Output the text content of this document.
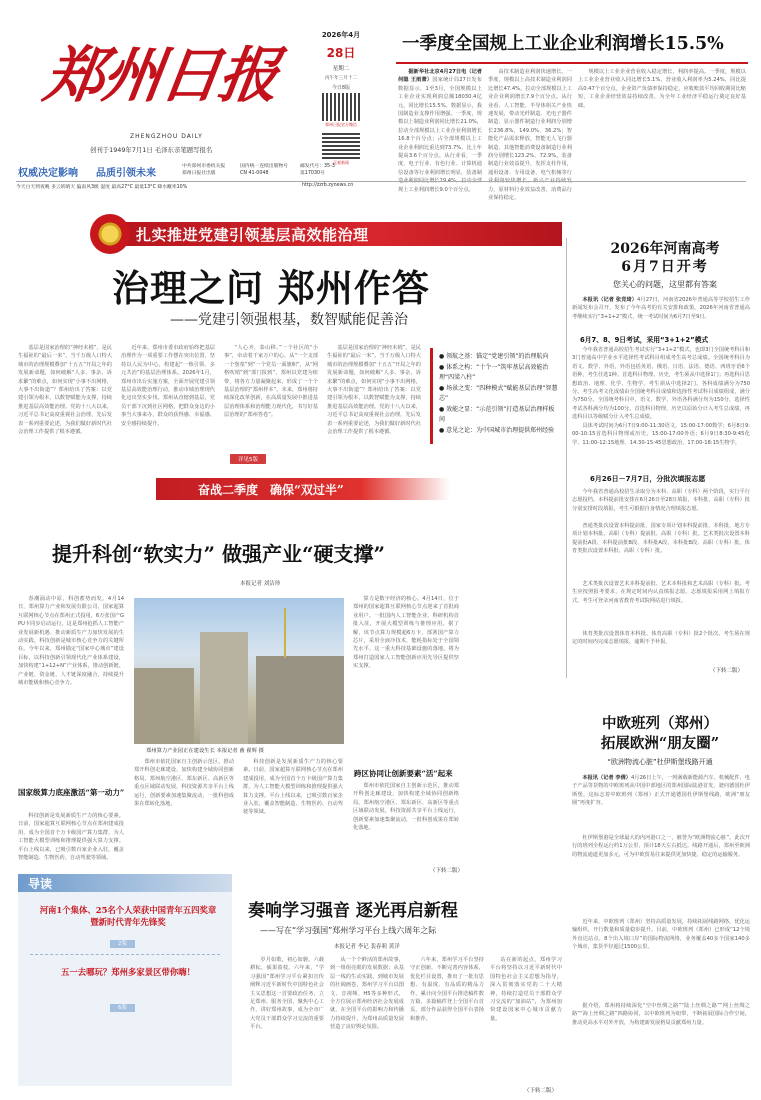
郑州日报
ZHENGZHOU DAILY
创刊于1949年7月1日 毛泽东亲笔题写报名
权威决定影响 品质引领未来
中共郑州市委机关报
郑州日报社出版
国内统一连续出版物号
CN 41-0048
邮发代号：35-3
第17030号
2026年4月
28日
星期二
丙午年三月十二
今日8版
郑州日报官方微信
正观新闻
一季度全国规上工业企业利润增长15.5%

据新华社北京4月27日电（记者 何隐 王雨萧）国家统计局27日发布数据显示，1至3月，全国规模以上工业企业实现利润总额18030.4亿元，同比增长15.5%。数据显示，我国制造业支撑作用增强。一季度，规模以上制造业利润同比增长21.0%，拉动全部规模以上工业企业利润增长16.8个百分点；占全部规模以上工业企业利润比重达到73.7%，比上年提高3.6个百分点。从行业看，一季度，电子行业、有色行业、计算机通信设备等行业利润增长明显，装备制造业利润同比增长29.4%，拉动全部规上工业利润增长9.0个百分点。

高技术制造业利润快速增长。一季度，规模以上高技术制造业利润同比增长47.4%，拉动全部规模以上工业企业利润增长7.9个百分点。从行业看，人工智能、半导体相关产业快速发展，带动光纤制造、光电子器件制造、显示器件制造行业利润分别增长236.8%、149.0%、36.2%；智能化产品需求释放，智能无人飞行器制造、其他智能消费设备制造行业利润分别增长123.2%、72.9%。装备制造行业效益提升，发挥支柱作用，通用设备、专用设备、电气机械等行业利润较快增长。新兴产业持续发力，原材料行业效益改善，消费品行业保持稳定。

规模以上工业企业营业收入稳定增长，利润率提高。一季度，规模以上工业企业营业收入同比增长5.1%，营业收入利润率为5.24%，同比提高0.47个百分点。企业资产负债率保持稳定，应收账款平均回收期同比缩短，工业企业经营效益持续改善，为全年工业经济平稳运行奠定良好基础。

今天白天到夜晚 多云转晴天 偏南风3级 湿度 最高27°C 最低13°C 降水概率10%	http://zzrb.zynews.cn
扎实推进党建引领基层高效能治理
治理之问 郑州作答
——党建引领强根基，数智赋能促善治

基层是国家治理的“神经末梢”，是民生福祉的“最后一米”。当千万级人口特大城市的治理规模叠加“十五五”开局之年的发展新命题，如何破解“人多、事杂、诉求繁”的难点，如何实现“小事不出网格，大事不出街道”？郑州给出了答案：以党建引领为根本，以数智赋能为支撑，持续推进基层高效能治理。党的十八大以来，习近平总书记高度重视社会治理，先后发表一系列重要论述，为我们做好新时代社会治理工作提供了根本遵循。

近年来，郑州市委市政府始终把基层治理作为一项重要工作摆在突出位置，坚持以人民为中心，构建起“一核引领、多元共治”的基层治理体系。2026年1月，郑州市出台实施方案，全面开展党建引领基层高效能治理行动，推动市域治理现代化迈出坚实步伐。郑州从直辖到基层，党员干部下沉到社区网格，把群众身边的小事当大事来办，群众的获得感、幸福感、安全感持续提升。

“人心齐，泰山移。”一个社区的“小事”，牵动着千家万户的心。从“一个支部一个堡垒”到“一个党员一面旗帜”，从“网格吹哨”到“部门报到”，郑州以党建为纽带，将各方力量凝聚起来，形成了一个个基层治理的“郑州样本”。未来，郑州将持续深化改革创新，在高质量发展中推进基层治理体系和治理能力现代化，书写好基层治理的“郑州答卷”。

基层是国家治理的“神经末梢”，是民生福祉的“最后一米”。当千万级人口特大城市的治理规模叠加“十五五”开局之年的发展新命题，如何破解“人多、事杂、诉求繁”的难点，如何实现“小事不出网格，大事不出街道”？郑州给出了答案：以党建引领为根本，以数智赋能为支撑，持续推进基层高效能治理。党的十八大以来，习近平总书记高度重视社会治理，先后发表一系列重要论述，为我们做好新时代社会治理工作提供了根本遵循。

● 领航之基：锚定“党建引领”的治理航向
● 体系之构：“十个一”筑牢基层高效能治理“四梁八柱”
● 场景之变：“四种模式”赋能基层治理“智慧芯”
● 效能之显：“示范引领”打造基层治理样板间
● 意见之论：为中国城市治理提供郑州经验
详见5版
奋战二季度　确保“双过半”
提升科创“软实力” 做强产业“硬支撑”
本报记者 刘洁珍

春潮涌动中原，科创蓄势而发。4月14日，郑州算力产业和发展有限公司、国家超算互联网核心节点在郑州正式投用，6万张国产GPU卡同步启动运行。这是郑州抢抓人工智能产业发展新机遇、推动新质生产力加快发展的生动实践。科技创新是城市核心竞争力的关键所在。今年以来，郑州锚定“国家中心城市”建设目标，以科技创新引领现代化产业体系建设，加快构建“1+12+N”产业体系，推动创新链、产业链、资金链、人才链深度融合，持续提升城市能级和核心竞争力。

国家级算力底座激活“第一动力”

科技创新是发展新质生产力的核心要素。日前，国家超算互联网核心节点在郑州建成投用，成为全国首个万卡级国产算力集群，为人工智能大模型训练和推理提供强大算力支撑。平台上线以来，已吸引数百家企业入驻，覆盖智能制造、生物医药、自动驾驶等领域。

郑州算力产业园正在建设生长 本报记者 菌 翟辉 摄

郑州市依托国家自主创新示范区，推动郑开科创走廊建设，加快构建全域协同创新格局。郑州航空港区、郑东新区、高新区等重点区域联动发展，科技资源共享平台上线运行，创新要素加速集聚流动，一批科创成果在郑转化落地。

科技创新是发展新质生产力的核心要素。日前，国家超算互联网核心节点在郑州建成投用，成为全国首个万卡级国产算力集群，为人工智能大模型训练和推理提供强大算力支撑。平台上线以来，已吸引数百家企业入驻，覆盖智能制造、生物医药、自动驾驶等领域。

算力是数字经济的核心。4月14日，位于郑州的国家超算互联网核心节点迎来了首批商业用户。一批国内人工智能企业、科研机构首批入驻，开展大模型训练与推理应用。据了解，该节点算力规模超6万卡，部署国产算力芯片，采用全液冷技术，能耗指标处于全国领先水平。这一重大科技基础设施的落地，将为郑州打造国家人工智能创新应用先导区提供坚实支撑。

跨区协同让创新要素“活”起来

郑州市依托国家自主创新示范区，推动郑开科创走廊建设，加快构建全域协同创新格局。郑州航空港区、郑东新区、高新区等重点区域联动发展，科技资源共享平台上线运行，创新要素加速集聚流动，一批科创成果在郑转化落地。

（下转二版）
2026年河南高考
6月7日开考
您关心的问题，这里都有答案

本报讯（记者 张竞琦）4月27日，河南省2026年普通高等学校招生工作新闻发布会召开，发布了今年高考的有关安排和政策。2026年河南省普通高考继续实行“3+1+2”模式，统一考试时间为6月7日至9日。

6月7、8、9日考试，采用“3+1+2”模式

今年我省普通高校招生考试实行“3+1+2”模式，也即3门全国统考科目和3门普通高中学业水平选择性考试科目组成考生高考总成绩。全国统考科目为语文、数学、外语，外语包括英语、俄语、日语、法语、德语、西班牙语6个语种，考生任选1种。首选科目物理、历史，考生须从中选择1门；再选科目思想政治、地理、化学、生物学，考生须从中选择2门。各科成绩满分为750分。 考生高考文化成绩由全国统考科目成绩和选择性考试科目成绩组成，满分为750分。全国统考科目中，语文、数学、外语各科满分均为150分，选择性考试各科满分均为100分。首选科目物理、历史以原始分计入考生总成绩，再选科目以等级赋分计入考生总成绩。

具体考试时间为6月7日9:00-11:30语文，15:00-17:00数学；6月8日9:00-10:15首选科目物理或历史，15:00-17:00外语；6月9日8:30-9:45化学、11:00-12:15地理、14:30-15:45思想政治、17:00-18:15生物学。

6月26日－7月7日，分批次填报志愿

今年我省普通高校招生录取分为本科、高职（专科）两个阶段，实行平行志愿投档。本科提前批安排在6月26日至28日填报，本科批、高职（专科）批分别安排时段填报，考生可根据自身情况合理填报志愿。

普通类批次设置本科提前批、国家专项计划本科提前批、本科批、地方专项计划本科批、高职（专科）提前批、高职（专科）批。艺术类批次设置本科提前批A段、本科提前批B段、本科批A段、本科批B段、高职（专科）批。体育类批次设置本科批、高职（专科）批。

艺术类批次设置艺术本科提前批、艺术本科批和艺术高职（专科）批。考生应按照报考要求，在规定时间内认真填报志愿。志愿填报采用网上填报方式，考生可登录河南省教育考试院网站进行填报。

体育类批次设置体育本科批、体育高职（专科）批2个批次。考生须在规定的时间内完成志愿填报，逾期不予补报。

（下转二版）
中欧班列（郑州）
拓展欧洲“朋友圈”
“欧洲物流心脏”杜伊斯堡线路开通

本报讯（记者 李倩）4月26日上午，一列满载新能源汽车、机械配件、电子产品等货物的中欧班列从中国中部地区的郑州国际陆港首发，驶向德国杜伊斯堡。这标志着中欧班列（郑州）正式开通德国杜伊斯堡线路，欧洲“朋友圈”再度扩容。

杜伊斯堡港是全球最大的内河港口之一，被誉为“欧洲物流心脏”。此次开行的班列全程运行约1万公里，预计18天左右抵达。线路开通后，郑州至欧洲的物流通道更加多元，可为中欧贸易往来提供更加快捷、稳定的运输服务。

近年来，中欧班列（郑州）坚持高质量发展，持续拓展线路网络，优化运输组织，开行数量和质量稳步提升。目前，中欧班列（郑州）已形成“12个境外直达站点、8个出入境口岸”的国际物流网络，业务覆盖40多个国家140多个城市，集货半径超过1500公里。

据介绍，郑州将持续深化“空中丝绸之路”“陆上丝绸之路”“网上丝绸之路”“海上丝绸之路”四路协同，以中欧班列为纽带，不断拓展国际合作空间，推动更高水平对外开放，为构建新发展格局贡献郑州力量。

导读
河南1个集体、25名个人荣获中国青年五四奖章暨新时代青年先锋奖
2版
五一去哪玩？郑州多家景区带你嗨！
6版
奏响学习强音 逐光再启新程
——写在“学习强国”郑州学习平台上线六周年之际
本报记者 李记 裴春莉 黄洋

岁月如歌，初心如磐。六载耕耘，硕果盈枝。六年来，“学习强国”郑州学习平台紧扣宣传阐释习近平新时代中国特色社会主义思想这一首要政治任务，立足郑州、服务全国，聚焦中心工作，讲好郑州故事，成为全市广大党员干部群众学习交流的重要平台。

从一个个鲜活的郑州故事，到一组组亮眼的发展数据；从基层一线的生动实践，到城市发展的壮阔画卷，郑州学习平台以图文、音视频、H5等多种形式，全方位展示郑州经济社会发展成就，在全国平台的影响力和传播力持续提升，为郑州高质量发展营造了良好舆论氛围。

六年来，郑州学习平台坚持守正创新，不断完善内容体系，优化栏目设置，推出了一批有思想、有温度、有品质的精品力作，累计向全国平台推送稿件数万篇，多篇稿件登上全国平台首页，部分作品获得全国平台表扬和推荐。

站在新的起点，郑州学习平台将坚持以习近平新时代中国特色社会主义思想为指导，深入贯彻落实党的二十大精神，持续打造党员干部群众学习交流的“加油站”，为郑州加快建设国家中心城市贡献力量。

（下转二版）
